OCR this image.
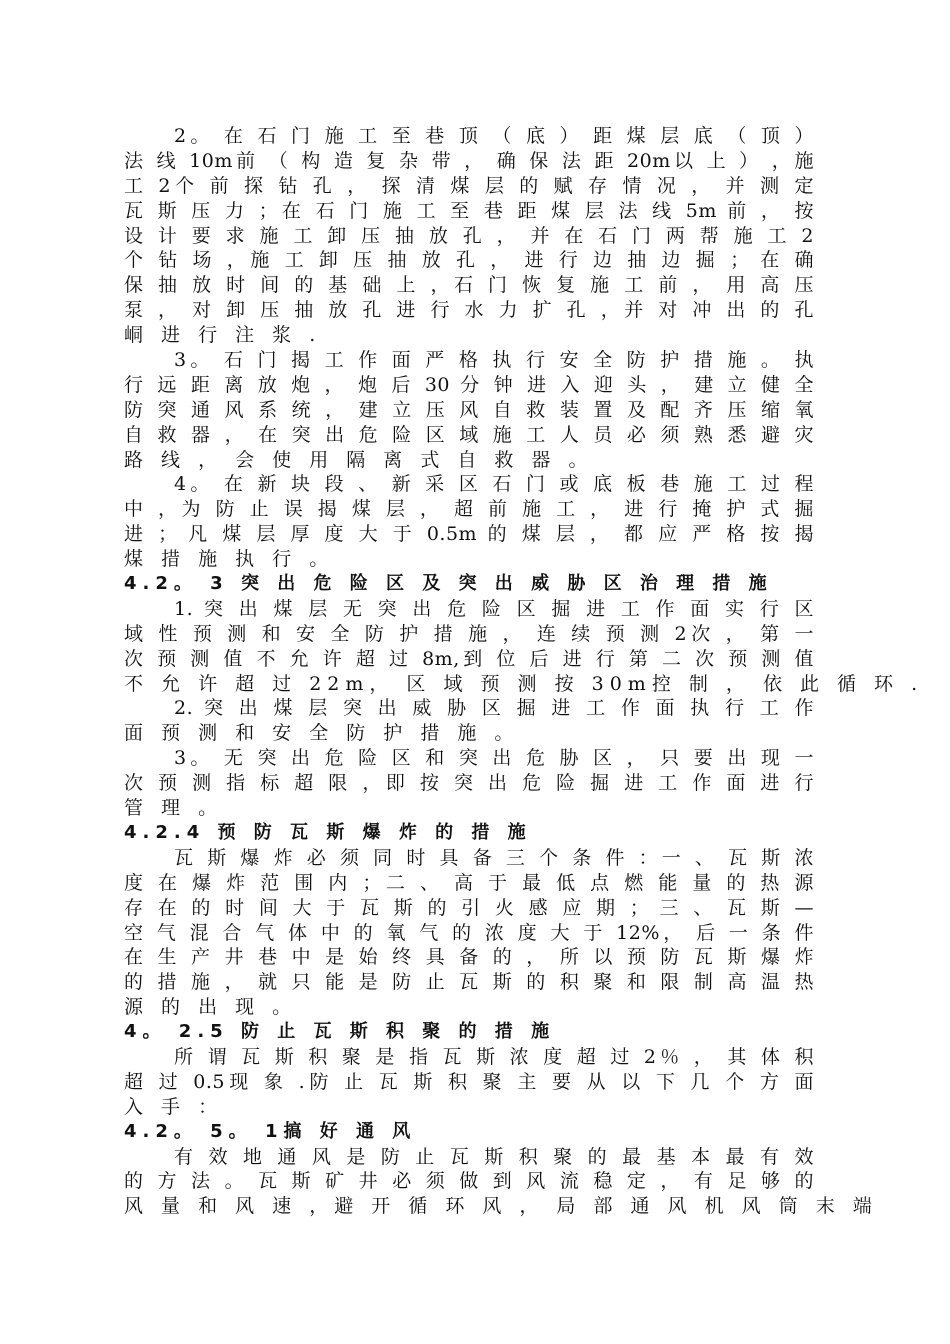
2。 在 石 门 施 工 至 巷 顶 （ 底 ） 距 煤 层 底 （ 顶 ）
法 线 10m前 （ 构 造 复 杂 带 ， 确 保 法 距 20m以 上 ） ，施
工 2个 前 探 钻 孔 ， 探 清 煤 层 的 赋 存 情 况 ， 并 测 定
瓦 斯 压 力 ；在 石 门 施 工 至 巷 距 煤 层 法 线 5m 前 ， 按
设 计 要 求 施 工 卸 压 抽 放 孔 ， 并 在 石 门 两 帮 施 工 2
个 钻 场 ，施 工 卸 压 抽 放 孔 ， 进 行 边 抽 边 掘 ； 在 确
保 抽 放 时 间 的 基 础 上 ，石 门 恢 复 施 工 前 ， 用 高 压
泵 ， 对 卸 压 抽 放 孔 进 行 水 力 扩 孔 ，并 对 冲 出 的 孔
峒 进 行 注 浆 .
3。 石 门 揭 工 作 面 严 格 执 行 安 全 防 护 措 施 。 执
行 远 距 离 放 炮 ， 炮 后 30 分 钟 进 入 迎 头 ， 建 立 健 全
防 突 通 风 系 统 ， 建 立 压 风 自 救 装 置 及 配 齐 压 缩 氧
自 救 器 ， 在 突 出 危 险 区 域 施 工 人 员 必 须 熟 悉 避 灾
路 线 ， 会 使 用 隔 离 式 自 救 器 。
4。 在 新 块 段 、 新 采 区 石 门 或 底 板 巷 施 工 过 程
中 ，为 防 止 误 揭 煤 层 ， 超 前 施 工 ， 进 行 掩 护 式 掘
进 ； 凡 煤 层 厚 度 大 于 0.5m 的 煤 层 ， 都 应 严 格 按 揭
煤 措 施 执 行 。
4.2。 3 突 出 危 险 区 及 突 出 威 胁 区 治 理 措 施
1. 突 出 煤 层 无 突 出 危 险 区 掘 进 工 作 面 实 行 区
域 性 预 测 和 安 全 防 护 措 施 ， 连 续 预 测 2次 ， 第 一
次 预 测 值 不 允 许 超 过 8m,到 位 后 进 行 第 二 次 预 测 值
不 允 许 超 过 22m， 区 域 预 测 按 30m控 制 ， 依 此 循 环 .
2. 突 出 煤 层 突 出 威 胁 区 掘 进 工 作 面 执 行 工 作
面 预 测 和 安 全 防 护 措 施 。
3。 无 突 出 危 险 区 和 突 出 危 胁 区 ， 只 要 出 现 一
次 预 测 指 标 超 限 ，即 按 突 出 危 险 掘 进 工 作 面 进 行
管 理 。
4.2.4 预 防 瓦 斯 爆 炸 的 措 施
瓦 斯 爆 炸 必 须 同 时 具 备 三 个 条 件 ：一 、 瓦 斯 浓
度 在 爆 炸 范 围 内 ；二 、 高 于 最 低 点 燃 能 量 的 热 源
存 在 的 时 间 大 于 瓦 斯 的 引 火 感 应 期 ； 三 、 瓦 斯 —
空 气 混 合 气 体 中 的 氧 气 的 浓 度 大 于 12%， 后 一 条 件
在 生 产 井 巷 中 是 始 终 具 备 的 ， 所 以 预 防 瓦 斯 爆 炸
的 措 施 ， 就 只 能 是 防 止 瓦 斯 的 积 聚 和 限 制 高 温 热
源 的 出 现 。
4。 2.5 防 止 瓦 斯 积 聚 的 措 施
所 谓 瓦 斯 积 聚 是 指 瓦 斯 浓 度 超 过 2％ ， 其 体 积
超 过 0.5现 象 .防 止 瓦 斯 积 聚 主 要 从 以 下 几 个 方 面
入 手 ：
4.2。 5。 1搞 好 通 风
有 效 地 通 风 是 防 止 瓦 斯 积 聚 的 最 基 本 最 有 效
的 方 法 。 瓦 斯 矿 井 必 须 做 到 风 流 稳 定 ， 有 足 够 的
风 量 和 风 速 ，避 开 循 环 风 ， 局 部 通 风 机 风 筒 末 端
